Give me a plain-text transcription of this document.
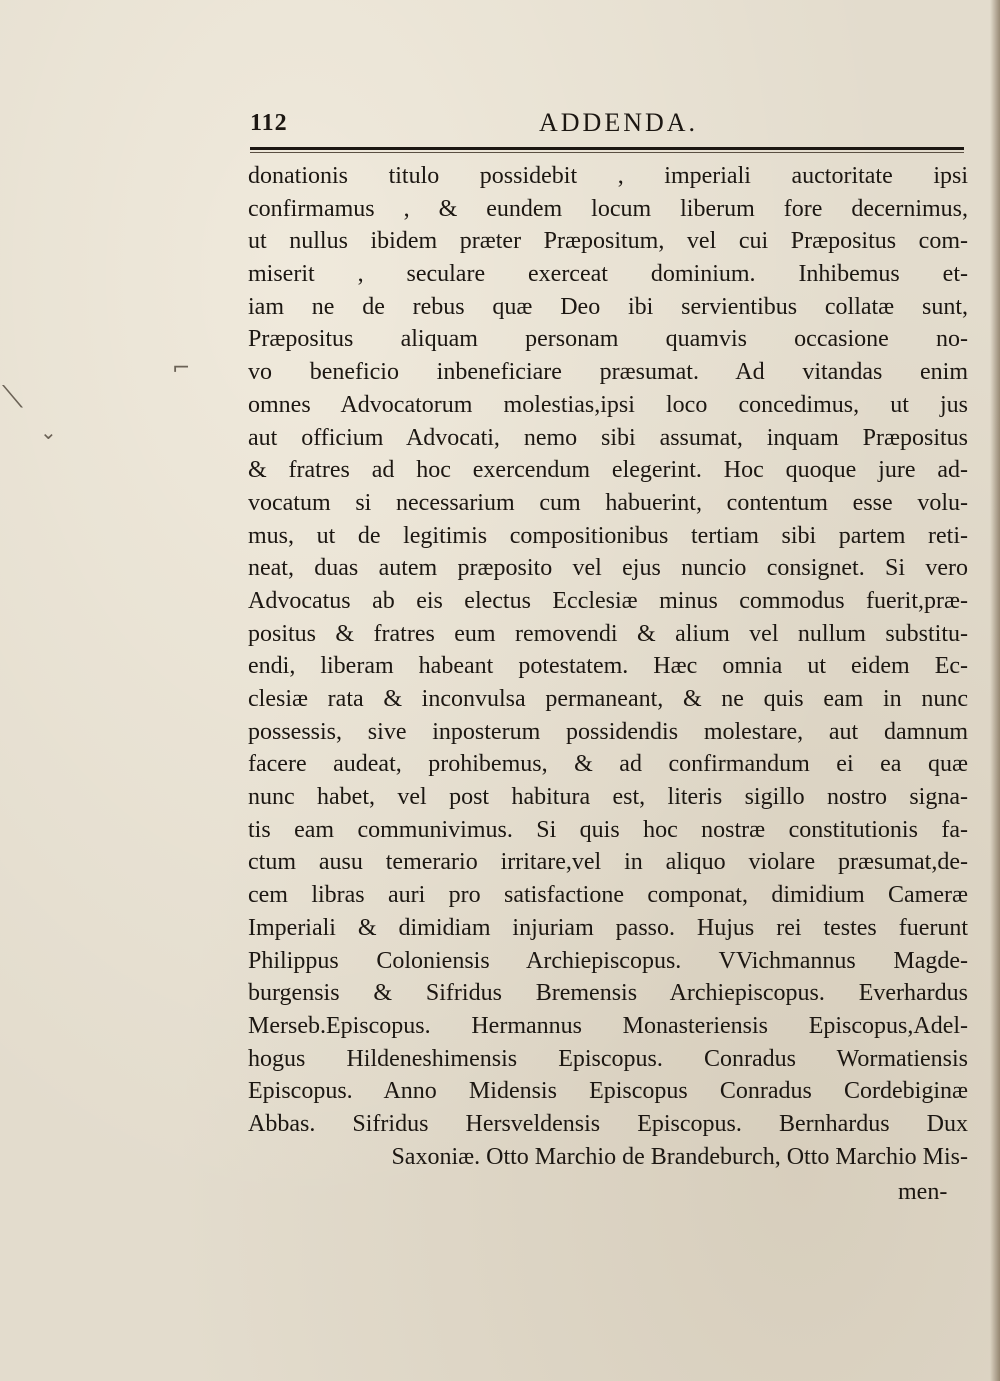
112	ADDENDA.
⟍
⌄
⌐
donationis titulo possidebit , imperiali auctoritate ipsi
confirmamus , & eundem locum liberum fore decernimus,
ut nullus ibidem præter Præpositum, vel cui Præpositus com-
miserit , seculare exerceat dominium. Inhibemus et-
iam ne de rebus quæ Deo ibi servientibus collatæ sunt,
Præpositus aliquam personam quamvis occasione no-
vo beneficio inbeneficiare præsumat. Ad vitandas enim
omnes Advocatorum molestias,ipsi loco concedimus, ut jus
aut officium Advocati, nemo sibi assumat, inquam Præpositus
& fratres ad hoc exercendum elegerint. Hoc quoque jure ad-
vocatum si necessarium cum habuerint, contentum esse volu-
mus, ut de legitimis compositionibus tertiam sibi partem reti-
neat, duas autem præposito vel ejus nuncio consignet. Si vero
Advocatus ab eis electus Ecclesiæ minus commodus fuerit,præ-
positus & fratres eum removendi & alium vel nullum substitu-
endi, liberam habeant potestatem. Hæc omnia ut eidem Ec-
clesiæ rata & inconvulsa permaneant, & ne quis eam in nunc
possessis, sive inposterum possidendis molestare, aut damnum
facere audeat, prohibemus, & ad confirmandum ei ea quæ
nunc habet, vel post habitura est, literis sigillo nostro signa-
tis eam communivimus. Si quis hoc nostræ constitutionis fa-
ctum ausu temerario irritare,vel in aliquo violare præsumat,de-
cem libras auri pro satisfactione componat, dimidium Cameræ
Imperiali & dimidiam injuriam passo. Hujus rei testes fuerunt
Philippus Coloniensis Archiepiscopus. VVichmannus Magde-
burgensis & Sifridus Bremensis Archiepiscopus. Everhardus
Merseb.Episcopus. Hermannus Monasteriensis Episcopus,Adel-
hogus Hildeneshimensis Episcopus. Conradus Wormatiensis
Episcopus. Anno Midensis Episcopus Conradus Cordebiginæ
Abbas. Sifridus Hersveldensis Episcopus. Bernhardus Dux
Saxoniæ. Otto Marchio de Brandeburch, Otto Marchio Mis-
men-
